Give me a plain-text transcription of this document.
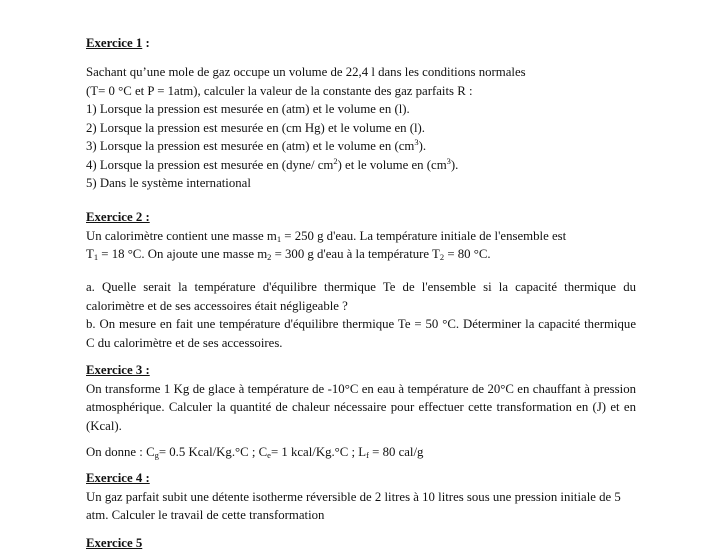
Exercice 1 :

Sachant qu’une mole de gaz occupe un volume de 22,4 l dans les conditions normales

(T= 0 °C et P = 1atm), calculer la valeur de la constante des gaz parfaits R :

1) Lorsque la pression est mesurée en (atm) et le volume en (l).

2) Lorsque la pression est mesurée en (cm Hg) et le volume en (l).

3) Lorsque la pression est mesurée en (atm) et le volume en $(cm^3)$.

4) Lorsque la pression est mesurée en (dyne/ $cm^2$) et le volume en $(cm^3)$.

5) Dans le système international

Exercice 2 :

Un calorimètre contient une masse $m_1 = 250$ g d'eau. La température initiale de l'ensemble est

$T_1 = 18$ °C. On ajoute une masse $m_2 = 300$ g d'eau à la température $T_2 = 80$ °C.

a. Quelle serait la température d'équilibre thermique Te de l'ensemble si la capacité thermique du calorimètre et de ses accessoires était négligeable ?

b. On mesure en fait une température d'équilibre thermique Te = 50 °C. Déterminer la capacité thermique C du calorimètre et de ses accessoires.

Exercice 3 :

On transforme 1 Kg de glace à température de -10°C en eau à température de 20°C en chauffant à pression atmosphérique. Calculer la quantité de chaleur nécessaire pour effectuer cette transformation en (J) et en (Kcal).

On donne : $C_g= 0.5$ Kcal/Kg.°C ; $C_e= 1$ kcal/Kg.°C ; $L_f = 80$ cal/g

Exercice 4 :

Un gaz parfait subit une détente isotherme réversible de 2 litres à 10 litres sous une pression initiale de 5 atm. Calculer le travail de cette transformation

Exercice 5
